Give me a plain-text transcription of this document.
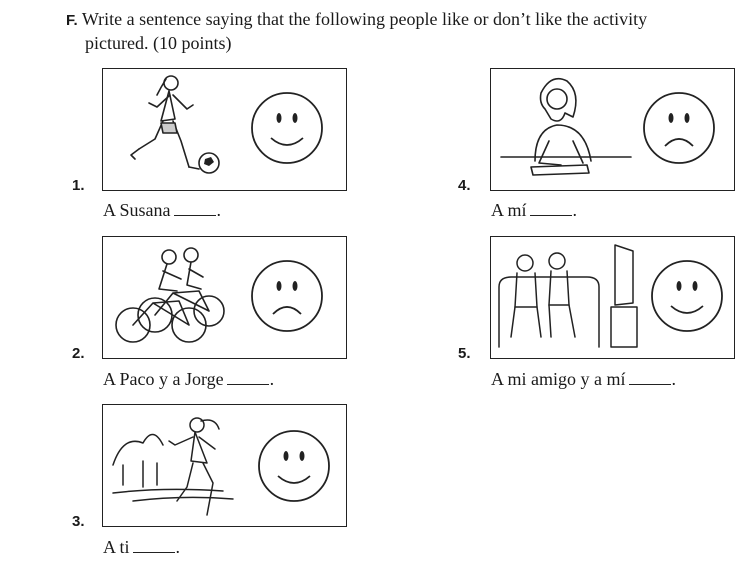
F. Write a sentence saying that the following people like or don’t like the activity
pictured. (10 points)
1.
A Susana	.
2.
A Paco y a Jorge	.
3.
A ti	.
4.
A mí	.
5.
A mi amigo y a mí	.
